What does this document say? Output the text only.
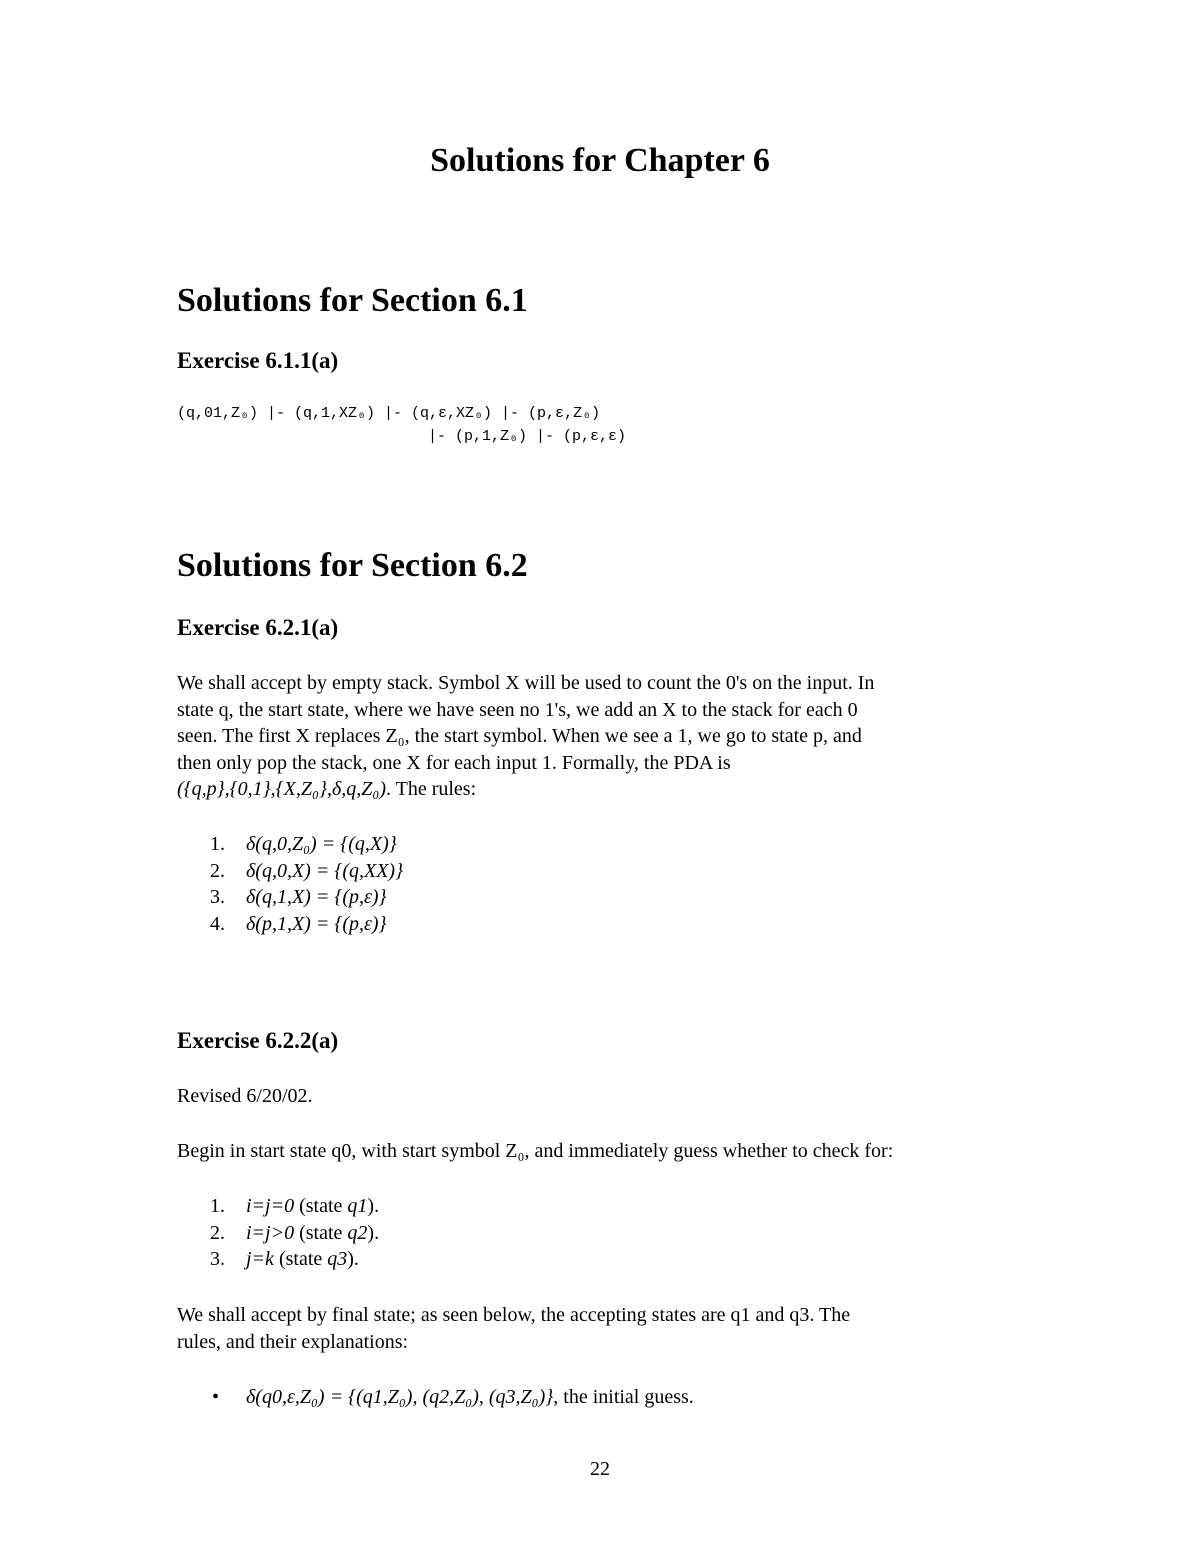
Solutions for Chapter 6
Solutions for Section 6.1
Exercise 6.1.1(a)
(q,01,Z₀) |- (q,1,XZ₀) |- (q,ε,XZ₀) |- (p,ε,Z₀)
|- (p,1,Z₀) |- (p,ε,ε)
Solutions for Section 6.2
Exercise 6.2.1(a)
We shall accept by empty stack. Symbol X will be used to count the 0's on the input. In
state q, the start state, where we have seen no 1's, we add an X to the stack for each 0
seen. The first X replaces Z₀, the start symbol. When we see a 1, we go to state p, and
then only pop the stack, one X for each input 1. Formally, the PDA is
({q,p},{0,1},{X,Z₀},δ,q,Z₀). The rules:
1. δ(q,0,Z₀) = {(q,X)}
2. δ(q,0,X) = {(q,XX)}
3. δ(q,1,X) = {(p,ε)}
4. δ(p,1,X) = {(p,ε)}
Exercise 6.2.2(a)
Revised 6/20/02.
Begin in start state q0, with start symbol Z₀, and immediately guess whether to check for:
1. i=j=0 (state q1).
2. i=j>0 (state q2).
3. j=k (state q3).
We shall accept by final state; as seen below, the accepting states are q1 and q3. The
rules, and their explanations:
• δ(q0,ε,Z₀) = {(q1,Z₀), (q2,Z₀), (q3,Z₀)}, the initial guess.
22
